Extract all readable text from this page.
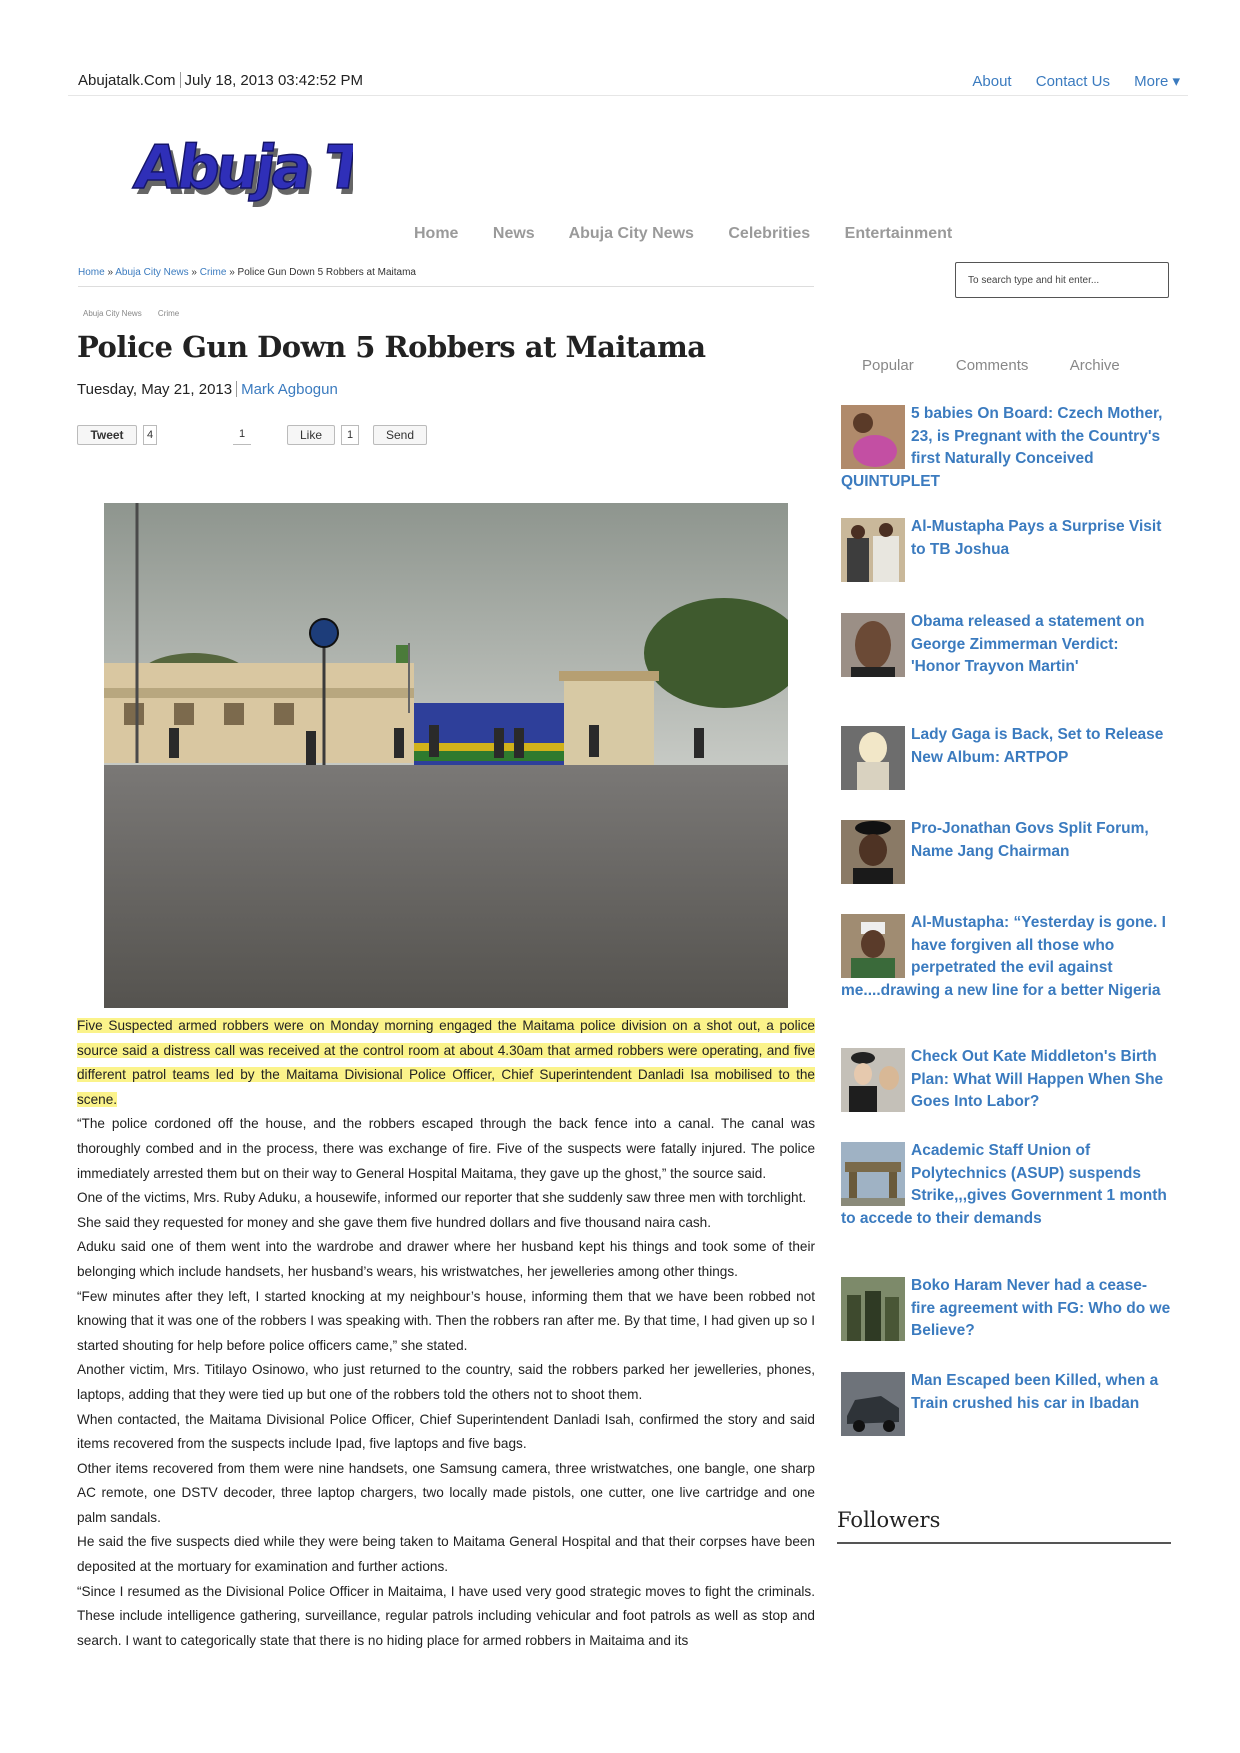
Abujatalk.Com July 18, 2013 03:42:52 PM	About Contact Us More ▾
Abuja Talk
Abuja Talk
Home News Abuja City News Celebrities Entertainment
Home » Abuja City News » Crime » Police Gun Down 5 Robbers at Maitama
To search type and hit enter...
Abuja City News Crime
Police Gun Down 5 Robbers at Maitama
Tuesday, May 21, 2013 Mark Agbogun
Tweet	4	1	Like	1	Send

Five Suspected armed robbers were on Monday morning engaged the Maitama police division on a shot out, a police source said a distress call was received at the control room at about 4.30am that armed robbers were operating, and five different patrol teams led by the Maitama Divisional Police Officer, Chief Superintendent Danladi Isa mobilised to the scene.

“The police cordoned off the house, and the robbers escaped through the back fence into a canal. The canal was thoroughly combed and in the process, there was exchange of fire. Five of the suspects were fatally injured. The police immediately arrested them but on their way to General Hospital Maitama, they gave up the ghost,” the source said.

One of the victims, Mrs. Ruby Aduku, a housewife, informed our reporter that she suddenly saw three men with torchlight.

She said they requested for money and she gave them five hundred dollars and five thousand naira cash.

Aduku said one of them went into the wardrobe and drawer where her husband kept his things and took some of their belonging which include handsets, her husband’s wears, his wristwatches, her jewelleries among other things.

“Few minutes after they left, I started knocking at my neighbour’s house, informing them that we have been robbed not knowing that it was one of the robbers I was speaking with. Then the robbers ran after me. By that time, I had given up so I started shouting for help before police officers came,” she stated.

Another victim, Mrs. Titilayo Osinowo, who just returned to the country, said the robbers parked her jewelleries, phones, laptops, adding that they were tied up but one of the robbers told the others not to shoot them.

When contacted, the Maitama Divisional Police Officer, Chief Superintendent Danladi Isah, confirmed the story and said items recovered from the suspects include Ipad, five laptops and five bags.

Other items recovered from them were nine handsets, one Samsung camera, three wristwatches, one bangle, one sharp AC remote, one DSTV decoder, three laptop chargers, two locally made pistols, one cutter, one live cartridge and one palm sandals.

He said the five suspects died while they were being taken to Maitama General Hospital and that their corpses have been deposited at the mortuary for examination and further actions.

“Since I resumed as the Divisional Police Officer in Maitaima, I have used very good strategic moves to fight the criminals. These include intelligence gathering, surveillance, regular patrols including vehicular and foot patrols as well as stop and search. I want to categorically state that there is no hiding place for armed robbers in Maitaima and its

Popular	Comments	Archive
5 babies On Board: Czech Mother, 23, is Pregnant with the Country's first Naturally Conceived QUINTUPLET
Al-Mustapha Pays a Surprise Visit to TB Joshua
Obama released a statement on George Zimmerman Verdict: 'Honor Trayvon Martin'
Lady Gaga is Back, Set to Release New Album: ARTPOP
Pro-Jonathan Govs Split Forum, Name Jang Chairman
Al-Mustapha: “Yesterday is gone. I have forgiven all those who perpetrated the evil against me....drawing a new line for a better Nigeria
Check Out Kate Middleton's Birth Plan: What Will Happen When She Goes Into Labor?
Academic Staff Union of Polytechnics (ASUP) suspends Strike,,,gives Government 1 month to accede to their demands
Boko Haram Never had a cease-fire agreement with FG: Who do we Believe?
Man Escaped been Killed, when a Train crushed his car in Ibadan
Followers
